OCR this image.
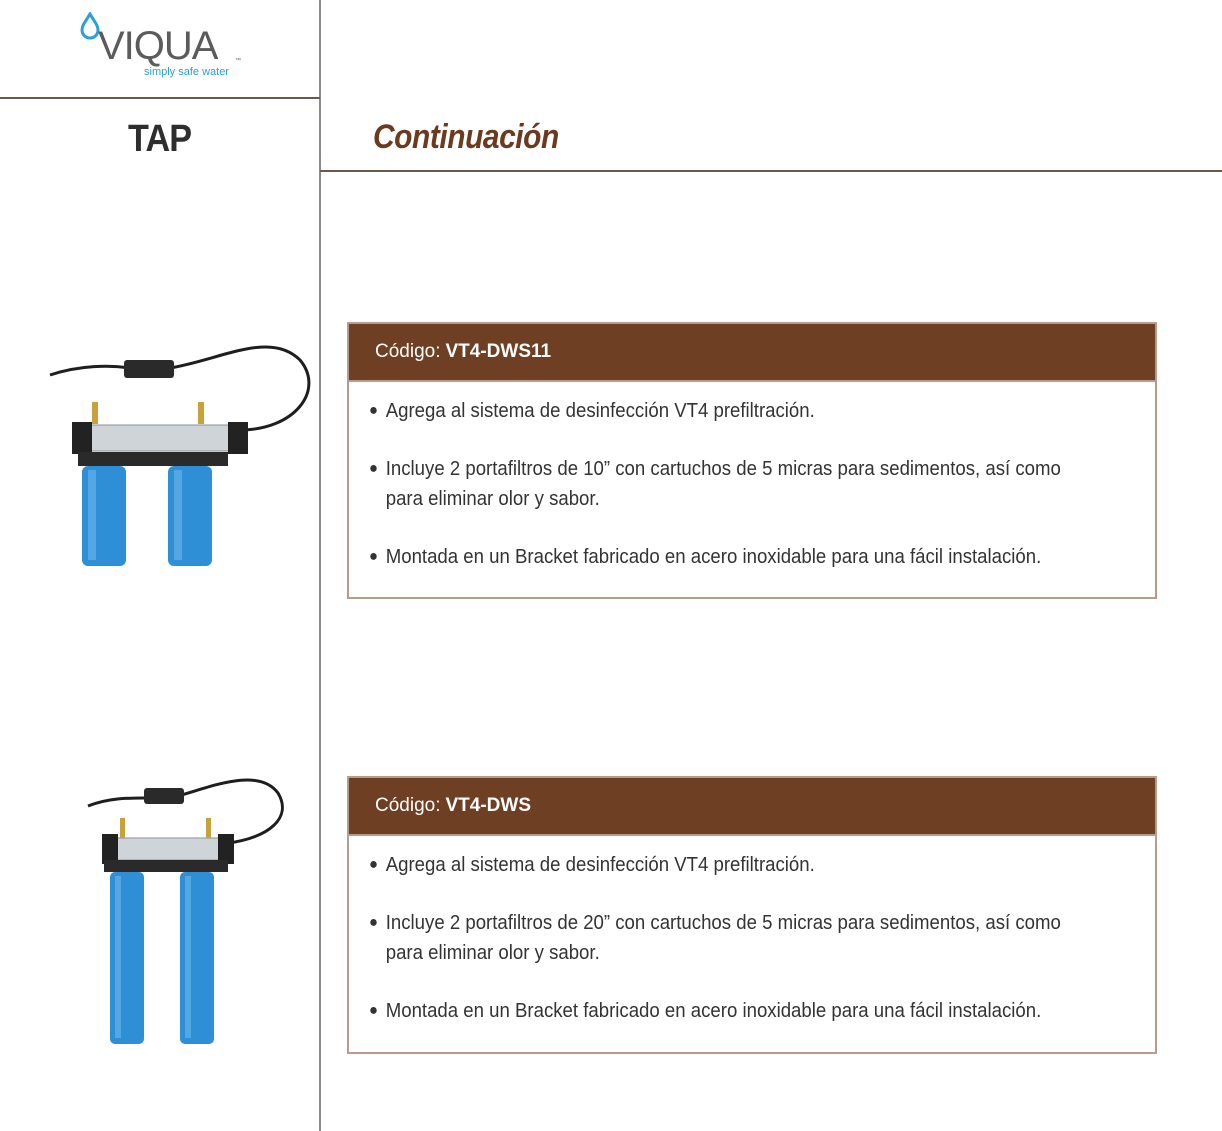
VIQUA	™
simply safe water
TAP	Continuación
Código: VT4-DWS11
● Agrega al sistema de desinfección VT4 prefiltración.
● Incluye 2 portafiltros de 10” con cartuchos de 5 micras para sedimentos, así como para eliminar olor y sabor.
● Montada en un Bracket fabricado en acero inoxidable para una fácil instalación.
Código: VT4-DWS
● Agrega al sistema de desinfección VT4 prefiltración.
● Incluye 2 portafiltros de 20” con cartuchos de 5 micras para sedimentos, así como para eliminar olor y sabor.
● Montada en un Bracket fabricado en acero inoxidable para una fácil instalación.
